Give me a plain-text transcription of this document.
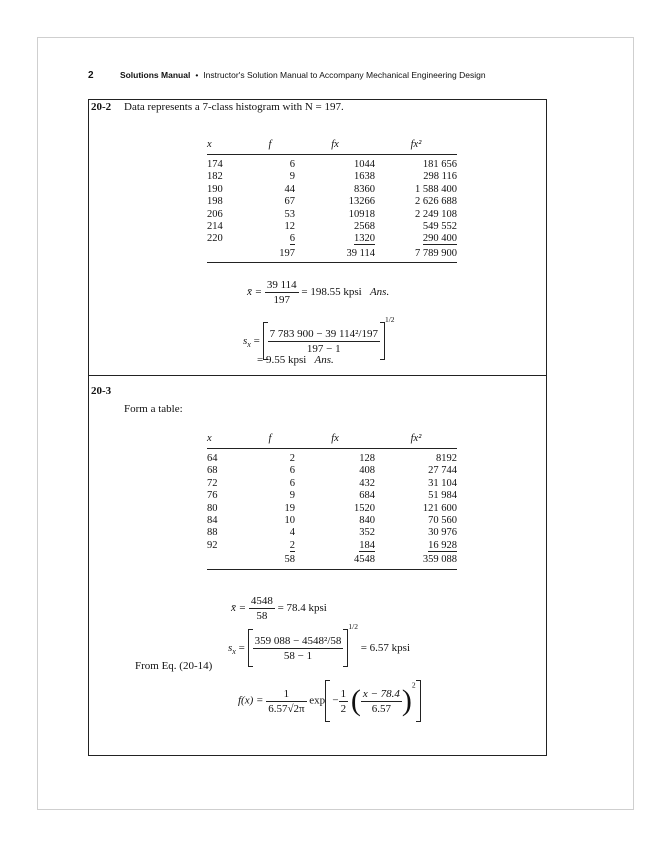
2	Solutions Manual • Instructor's Solution Manual to Accompany Mechanical Engineering Design
20-2 Data represents a 7-class histogram with N = 197.
x	f	fx	fx²
174	6	1044	181 656
182	9	1638	298 116
190	44	8360	1 588 400
198	67	13266	2 626 688
206	53	10918	2 249 108
214	12	2568	549 552
220	6	1320	290 400
	197	39 114	7 789 900
x̄ = $\frac{39 114}{197} = 198.55$ kpsi Ans.
$s_x = \frac{\text{7 783 900 − 39 114²/197}}{197 - 1}$
$^{1/2}$
= 9.55 kpsi Ans.
20-3
Form a table:
x	f	fx	fx²
64	2	128	8192
68	6	408	27 744
72	6	432	31 104
76	9	684	51 984
80	19	1520	121 600
84	10	840	70 560
88	4	352	30 976
92	2	184	16 928
	58	4548	359 088
x̄ = $\frac{4548}{58} = 78.4$ kpsi
$s_x = \frac{\text{359 088 − 4548²/58}}{58 - 1}$
$^{1/2}$ = 6.57 kpsi
From Eq. (20-14)
$f(x) = \frac{1}{6.57√2\pi}$ $\exp - \frac{1}{2}$ ( $\frac{x - 78.4}{6.57} )^2$
